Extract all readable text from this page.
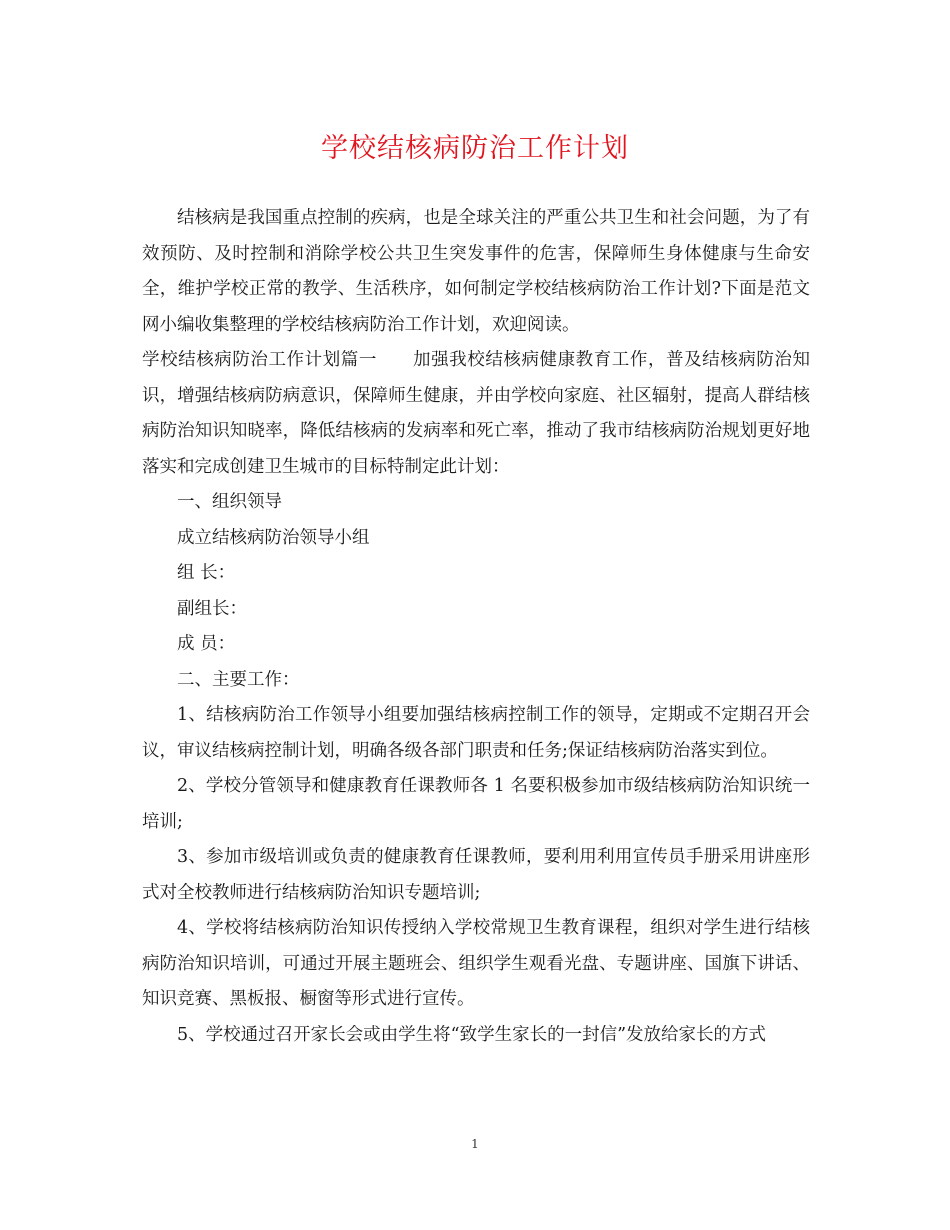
学校结核病防治工作计划

结核病是我国重点控制的疾病，也是全球关注的严重公共卫生和社会问题，为了有效预防、及时控制和消除学校公共卫生突发事件的危害，保障师生身体健康与生命安全，维护学校正常的教学、生活秩序，如何制定学校结核病防治工作计划?下面是范文网小编收集整理的学校结核病防治工作计划，欢迎阅读。

学校结核病防治工作计划篇一　　加强我校结核病健康教育工作，普及结核病防治知识，增强结核病防病意识，保障师生健康，并由学校向家庭、社区辐射，提高人群结核病防治知识知晓率，降低结核病的发病率和死亡率，推动了我市结核病防治规划更好地落实和完成创建卫生城市的目标特制定此计划：

一、组织领导

成立结核病防治领导小组

组 长：

副组长：

成 员：

二、主要工作：

1、结核病防治工作领导小组要加强结核病控制工作的领导，定期或不定期召开会议，审议结核病控制计划，明确各级各部门职责和任务;保证结核病防治落实到位。

2、学校分管领导和健康教育任课教师各 1 名要积极参加市级结核病防治知识统一培训;

3、参加市级培训或负责的健康教育任课教师，要利用利用宣传员手册采用讲座形式对全校教师进行结核病防治知识专题培训;

4、学校将结核病防治知识传授纳入学校常规卫生教育课程，组织对学生进行结核病防治知识培训，可通过开展主题班会、组织学生观看光盘、专题讲座、国旗下讲话、知识竞赛、黑板报、橱窗等形式进行宣传。

5、学校通过召开家长会或由学生将“致学生家长的一封信”发放给家长的方式

1
